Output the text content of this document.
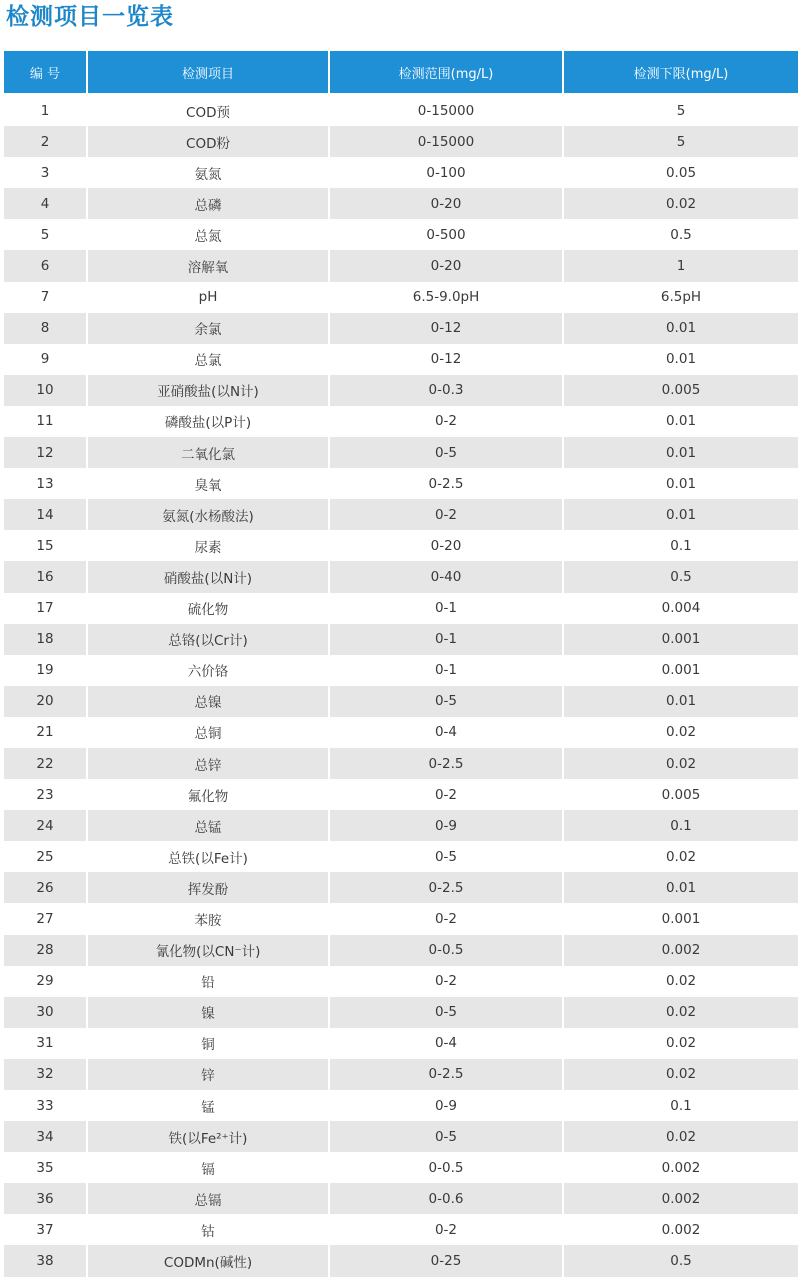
检测项目一览表
编 号	检测项目	检测范围(mg/L)	检测下限(mg/L)
1	COD预	0-15000	5
2	COD粉	0-15000	5
3	氨氮	0-100	0.05
4	总磷	0-20	0.02
5	总氮	0-500	0.5
6	溶解氧	0-20	1
7	pH	6.5-9.0pH	6.5pH
8	余氯	0-12	0.01
9	总氯	0-12	0.01
10	亚硝酸盐(以N计)	0-0.3	0.005
11	磷酸盐(以P计)	0-2	0.01
12	二氧化氯	0-5	0.01
13	臭氧	0-2.5	0.01
14	氨氮(水杨酸法)	0-2	0.01
15	尿素	0-20	0.1
16	硝酸盐(以N计)	0-40	0.5
17	硫化物	0-1	0.004
18	总铬(以Cr计)	0-1	0.001
19	六价铬	0-1	0.001
20	总镍	0-5	0.01
21	总铜	0-4	0.02
22	总锌	0-2.5	0.02
23	氟化物	0-2	0.005
24	总锰	0-9	0.1
25	总铁(以Fe计)	0-5	0.02
26	挥发酚	0-2.5	0.01
27	苯胺	0-2	0.001
28	氰化物(以CN⁻计)	0-0.5	0.002
29	铅	0-2	0.02
30	镍	0-5	0.02
31	铜	0-4	0.02
32	锌	0-2.5	0.02
33	锰	0-9	0.1
34	铁(以Fe²⁺计)	0-5	0.02
35	镉	0-0.5	0.002
36	总镉	0-0.6	0.002
37	钴	0-2	0.002
38	CODMn(碱性)	0-25	0.5
